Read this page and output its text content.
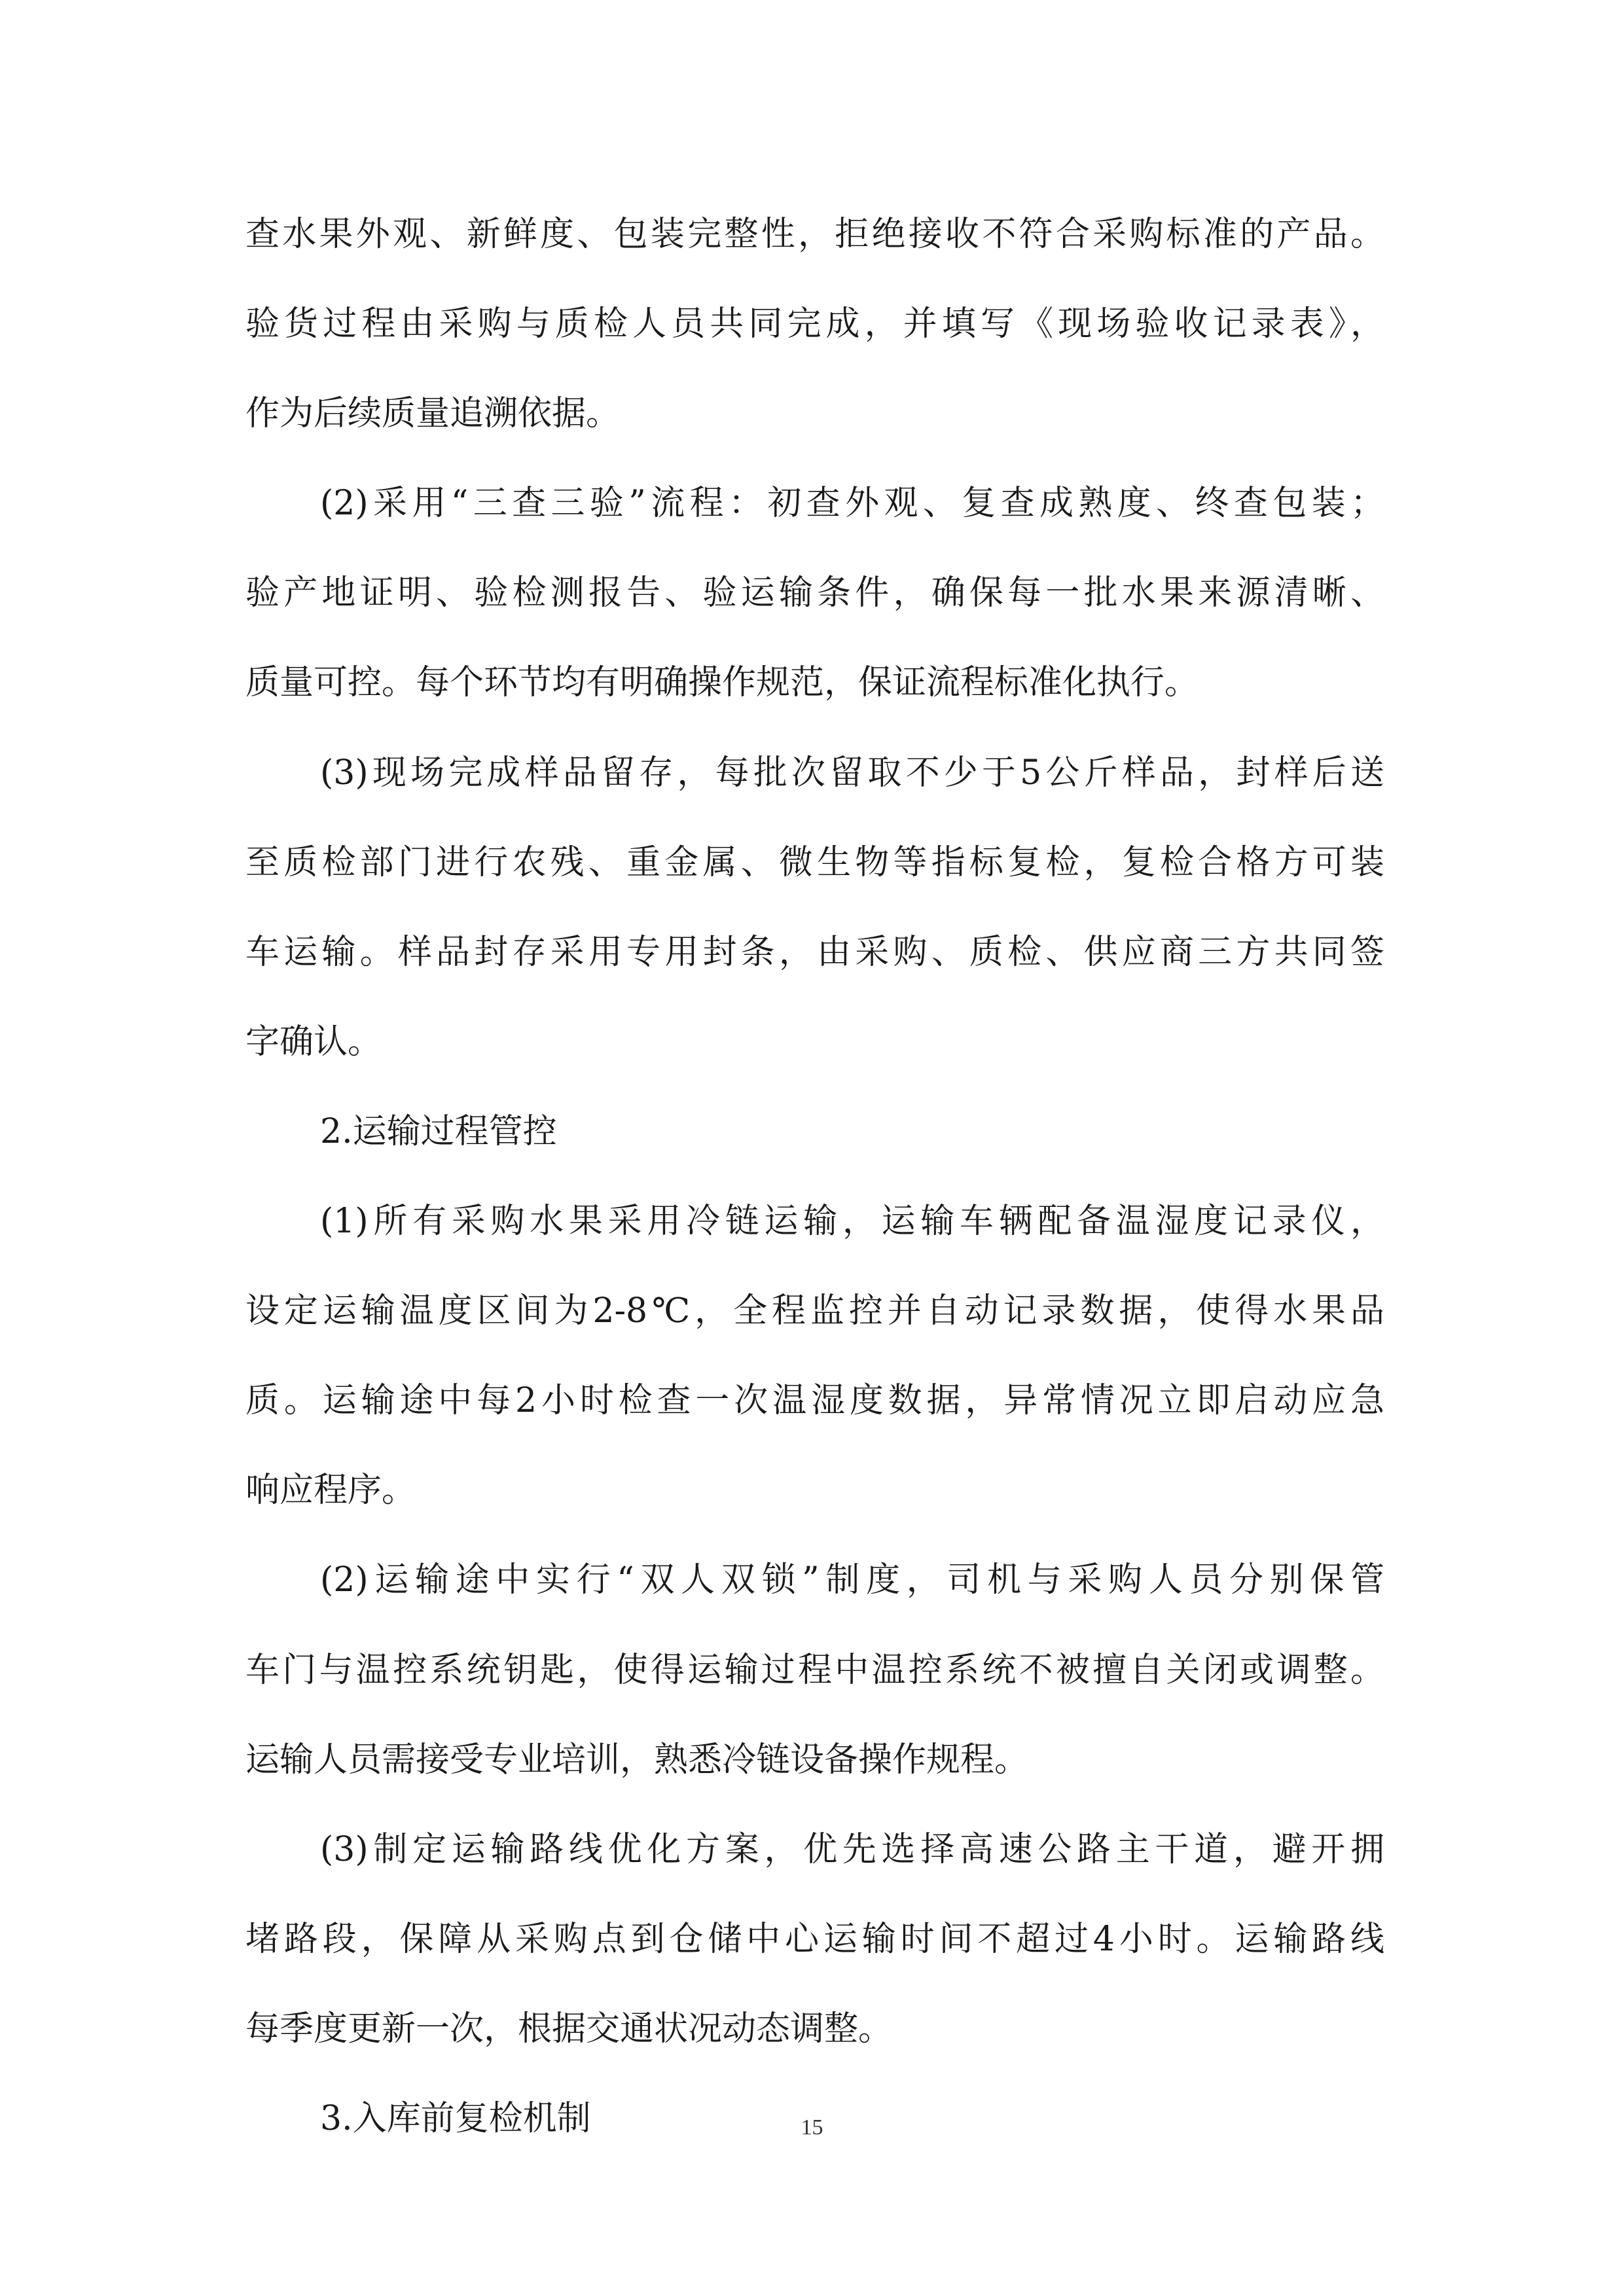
查水果外观、新鲜度、包装完整性，拒绝接收不符合采购标准的产品。
验货过程由采购与质检人员共同完成，并填写《现场验收记录表》，
作为后续质量追溯依据。
(2)采用“三查三验”流程：初查外观、复查成熟度、终查包装；
验产地证明、验检测报告、验运输条件，确保每一批水果来源清晰、
质量可控。每个环节均有明确操作规范，保证流程标准化执行。
(3)现场完成样品留存，每批次留取不少于5公斤样品，封样后送
至质检部门进行农残、重金属、微生物等指标复检，复检合格方可装
车运输。样品封存采用专用封条，由采购、质检、供应商三方共同签
字确认。
2.运输过程管控
(1)所有采购水果采用冷链运输，运输车辆配备温湿度记录仪，
设定运输温度区间为2-8℃，全程监控并自动记录数据，使得水果品
质。运输途中每2小时检查一次温湿度数据，异常情况立即启动应急
响应程序。
(2)运输途中实行“双人双锁”制度，司机与采购人员分别保管
车门与温控系统钥匙，使得运输过程中温控系统不被擅自关闭或调整。
运输人员需接受专业培训，熟悉冷链设备操作规程。
(3)制定运输路线优化方案，优先选择高速公路主干道，避开拥
堵路段，保障从采购点到仓储中心运输时间不超过4小时。运输路线
每季度更新一次，根据交通状况动态调整。
3.入库前复检机制	15
